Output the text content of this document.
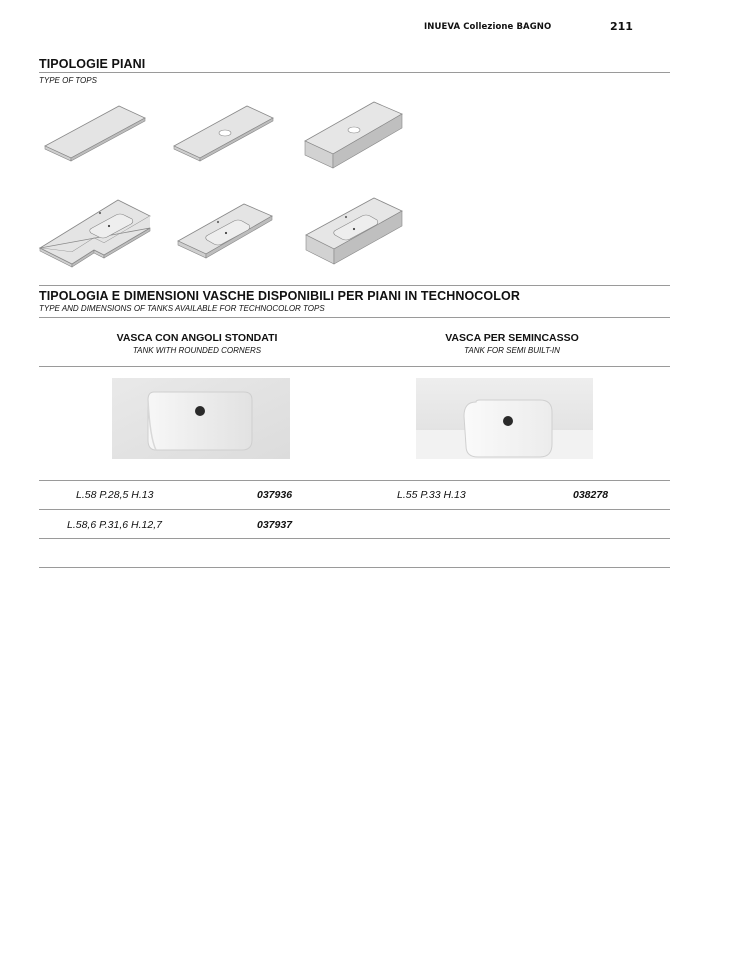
INUEVA Collezione BAGNO	211
TIPOLOGIE PIANI
TYPE OF TOPS
TIPOLOGIA E DIMENSIONI VASCHE DISPONIBILI PER PIANI IN TECHNOCOLOR
TYPE AND DIMENSIONS OF TANKS AVAILABLE FOR TECHNOCOLOR TOPS
VASCA CON ANGOLI STONDATI
TANK WITH ROUNDED CORNERS
VASCA PER SEMINCASSO
TANK FOR SEMI BUILT-IN
L.58 P.28,5 H.13	037936	L.55 P.33 H.13	038278
L.58,6 P.31,6 H.12,7	037937
